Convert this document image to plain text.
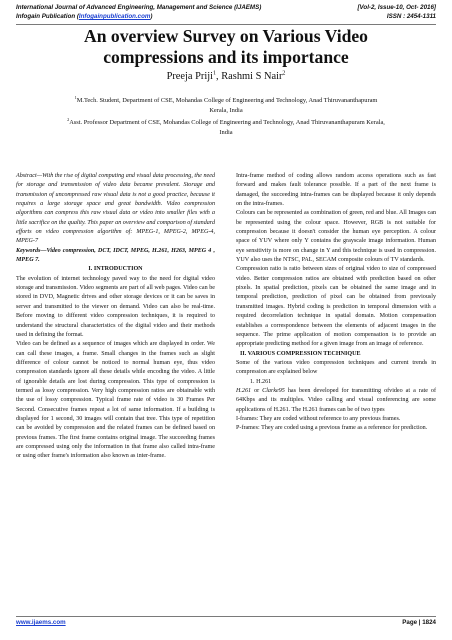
International Journal of Advanced Engineering, Management and Science (IJAEMS)	[Vol-2, Issue-10, Oct- 2016]
Infogain Publication (Infogainpublication.com)	ISSN : 2454-1311
An overview Survey on Various Video
compressions and its importance
Preeja Priji$^1$, Rashmi S Nair$^2$
$^1$M.Tech. Student, Department of CSE, Mohandas College of Engineering and Technology, Anad Thiruvananthapuram
Kerala, India
$^2$Asst. Professor Department of CSE, Mohandas College of Engineering and Technology, Anad Thiruvananthapuram Kerala,
India

Abstract—With the rise of digital computing and visual data processing, the need for storage and transmission of video data became prevalent. Storage and transmission of uncompressed raw visual data is not a good practice, because it requires a large storage space and great bandwidth. Video compression algorithms can compress this raw visual data or video into smaller files with a little sacrifice on the quality. This paper an overview and comparison of standard efforts on video compression algorithm of: MPEG-1, MPEG-2, MPEG-4, MPEG-7

Keywords—Video compression, DCT, IDCT, MPEG, H.261, H263, MPEG 4 , MPEG 7.

I. INTRODUCTION

The evolution of internet technology paved way to the need for digital video storage and transmission. Video segments are part of all web pages. Video can be stored in DVD, Magnetic drives and other storage devices or it can be saves in server and transmitted to the viewer on demand. Video can also be real-time. Before moving to different video compression techniques, it is required to understand the structural characteristics of the digital video and their methods used in defining the format.

Video can be defined as a sequence of images which are displayed in order. We can call these images, a frame. Small changes in the frames such as slight difference of colour cannot be noticed to normal human eye, thus video compression standards ignore all these details while encoding the video. A little of ignorable details are lost during compression. This type of compression is termed as lossy compression. Very high compression ratios are obtainable with the use of lossy compression. Typical frame rate of video is 30 Frames Per Second. Consecutive frames repeat a lot of same information. If a building is displayed for 1 second, 30 images will contain that tree. This type of repetition can be avoided by compression and the related frames can be defined based on previous frames. The first frame contains original image. The succeeding frames are compressed using only the information in that frame also called intra-frame or using other frame's information also known as inter-frame.

Intra-frame method of coding allows random access operations such as fast forward and makes fault tolerance possible. If a part of the next frame is damaged, the succeeding intra-frames can be displayed because it only depends on the intra-frames.

Colours can be represented as combination of green, red and blue. All Images can be represented using the colour space. However, RGB is not suitable for compression because it doesn't consider the human eye perception. A colour space of YUV where only Y contains the grayscale image information. Human eye sensitivity is more on change in Y and this technique is used in compression. YUV also uses the NTSC, PAL, SECAM composite colours of TV standards.

Compression ratio is ratio between sizes of original video to size of compressed video. Better compression ratios are obtained with prediction based on other pixels. In spatial prediction, pixels can be obtained the same image and in temporal prediction, prediction of pixel can be obtained from previously transmitted images. Hybrid coding is prediction in temporal dimension with a required decorrelation technique in spatial domain. Motion compensation establishes a correspondence between the elements of adjacent images in the sequence. The prime application of motion compensation is to provide an appropriate predicting method for a given image from an image of reference.

II. VARIOUS COMPRESSION TECHNIQUE

Some of the various video compression techniques and current trends in compression are explained below

1. H.261

H.261 or Clarke95 has been developed for transmitting ofvideo at a rate of 64Kbps and its multiples. Video calling and visual conferencing are some applications of H.261. The H.261 frames can be of two types

I-frames: They are coded without reference to any previous frames.

P-frames: They are coded using a previous frame as a reference for prediction.

www.ijaems.com	Page | 1824
